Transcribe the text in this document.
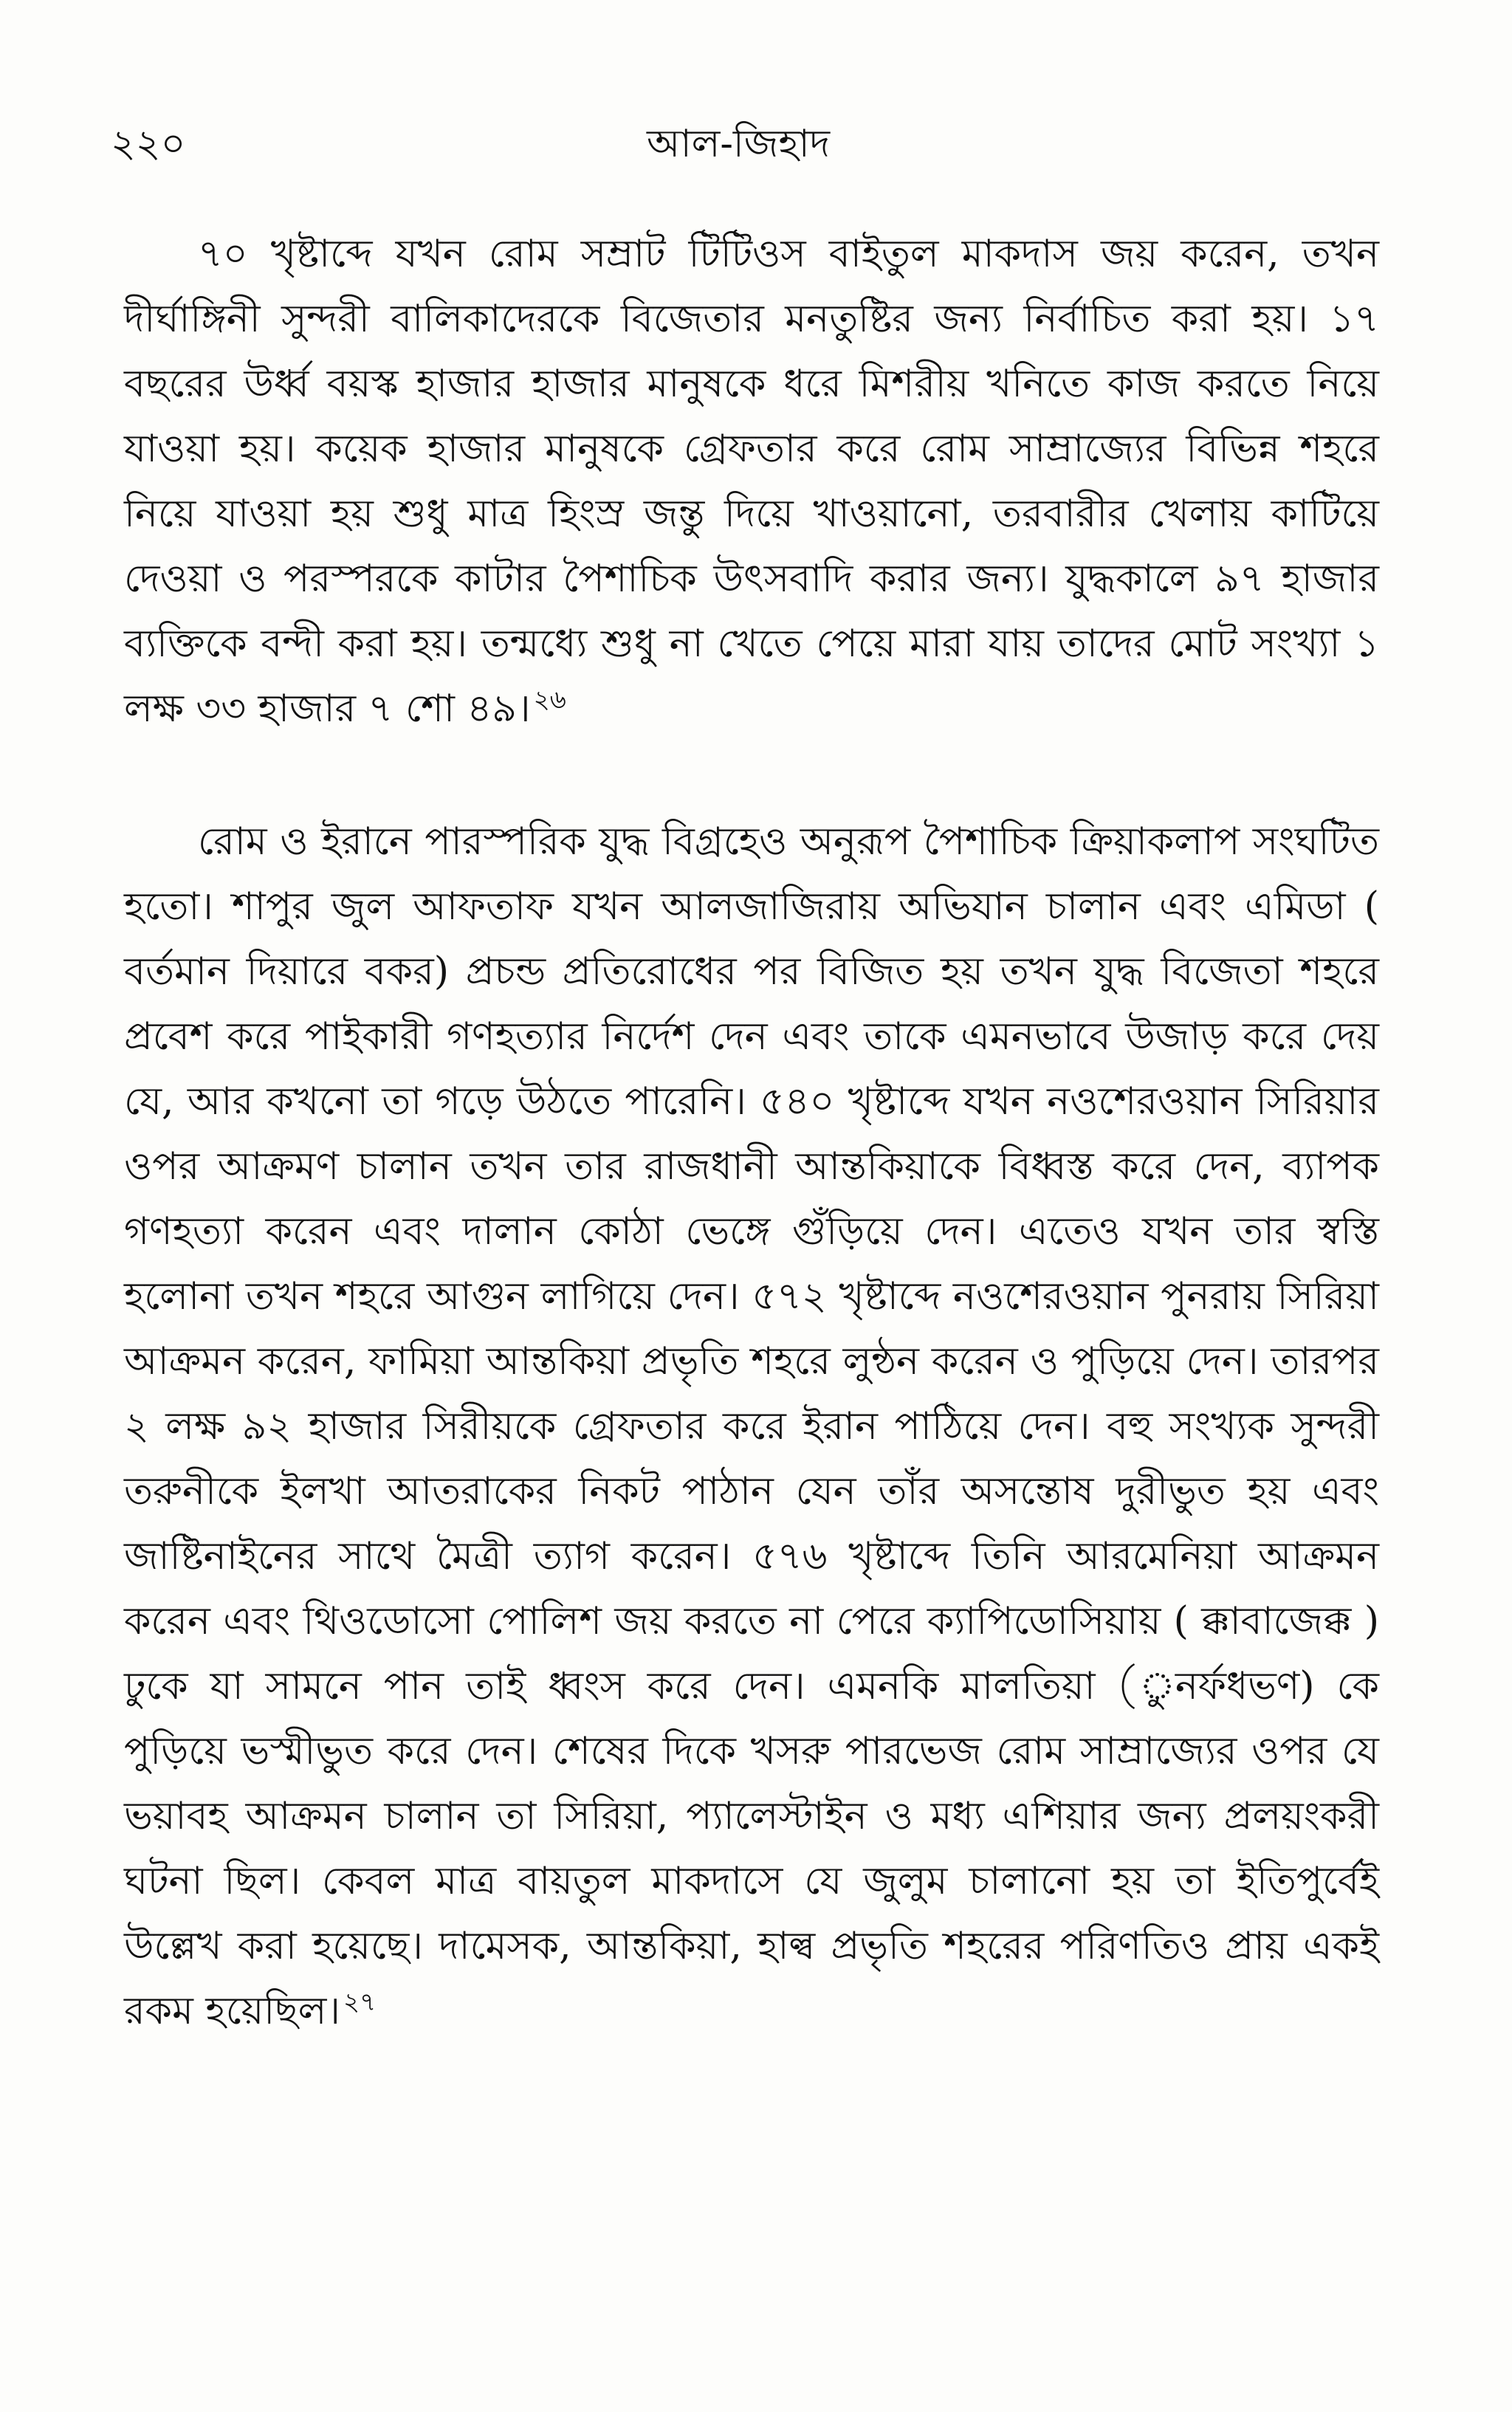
২২০	আল-জিহাদ

৭০ খৃষ্টাব্দে যখন রোম সম্রাট টিটিওস বাইতুল মাকদাস জয় করেন, তখন দীর্ঘাঙ্গিনী সুন্দরী বালিকাদেরকে বিজেতার মনতুষ্টির জন্য নির্বাচিত করা হয়। ১৭ বছরের উর্ধ্ব বয়স্ক হাজার হাজার মানুষকে ধরে মিশরীয় খনিতে কাজ করতে নিয়ে যাওয়া হয়। কয়েক হাজার মানুষকে গ্রেফতার করে রোম সাম্রাজ্যের বিভিন্ন শহরে নিয়ে যাওয়া হয় শুধু মাত্র হিংস্র জন্তু দিয়ে খাওয়ানো, তরবারীর খেলায় কাটিয়ে দেওয়া ও পরস্পরকে কাটার পৈশাচিক উৎসবাদি করার জন্য। যুদ্ধকালে ৯৭ হাজার ব্যক্তিকে বন্দী করা হয়। তন্মধ্যে শুধু না খেতে পেয়ে মারা যায় তাদের মোট সংখ্যা ১ লক্ষ ৩৩ হাজার ৭ শো ৪৯। $^{২৬}$

রোম ও ইরানে পারস্পরিক যুদ্ধ বিগ্রহেও অনুরূপ পৈশাচিক ক্রিয়াকলাপ সংঘটিত হতো। শাপুর জুল আফতাফ যখন আলজাজিরায় অভিযান চালান এবং এমিডা ( বর্তমান দিয়ারে বকর) প্রচন্ড প্রতিরোধের পর বিজিত হয় তখন যুদ্ধ বিজেতা শহরে প্রবেশ করে পাইকারী গণহত্যার নির্দেশ দেন এবং তাকে এমনভাবে উজাড় করে দেয় যে, আর কখনো তা গড়ে উঠতে পারেনি। ৫৪০ খৃষ্টাব্দে যখন নওশেরওয়ান সিরিয়ার ওপর আক্রমণ চালান তখন তার রাজধানী আন্তকিয়াকে বিধ্বস্ত করে দেন, ব্যাপক গণহত্যা করেন এবং দালান কোঠা ভেঙ্গে গুঁড়িয়ে দেন। এতেও যখন তার স্বস্তি হলোনা তখন শহরে আগুন লাগিয়ে দেন। ৫৭২ খৃষ্টাব্দে নওশেরওয়ান পুনরায় সিরিয়া আক্রমন করেন, ফামিয়া আন্তকিয়া প্রভৃতি শহরে লুন্ঠন করেন ও পুড়িয়ে দেন। তারপর ২ লক্ষ ৯২ হাজার সিরীয়কে গ্রেফতার করে ইরান পাঠিয়ে দেন। বহু সংখ্যক সুন্দরী তরুনীকে ইলখা আতরাকের নিকট পাঠান যেন তাঁর অসন্তোষ দুরীভুত হয় এবং জাষ্টিনাইনের সাথে মৈত্রী ত্যাগ করেন। ৫৭৬ খৃষ্টাব্দে তিনি আরমেনিয়া আক্রমন করেন এবং থিওডোসো পোলিশ জয় করতে না পেরে ক্যাপিডোসিয়ায় ( ক্কাবাজেক্ক ) ঢুকে যা সামনে পান তাই ধ্বংস করে দেন। এমনকি মালতিয়া (ুনর্ফধভণ) কে পুড়িয়ে ভস্মীভুত করে দেন। শেষের দিকে খসরু পারভেজ রোম সাম্রাজ্যের ওপর যে ভয়াবহ আক্রমন চালান তা সিরিয়া, প্যালেস্টাইন ও মধ্য এশিয়ার জন্য প্রলয়ংকরী ঘটনা ছিল। কেবল মাত্র বায়তুল মাকদাসে যে জুলুম চালানো হয় তা ইতিপুর্বেই উল্লেখ করা হয়েছে। দামেসক, আন্তকিয়া, হাল্ব প্রভৃতি শহরের পরিণতিও প্রায় একই রকম হয়েছিল। $^{২৭}$
